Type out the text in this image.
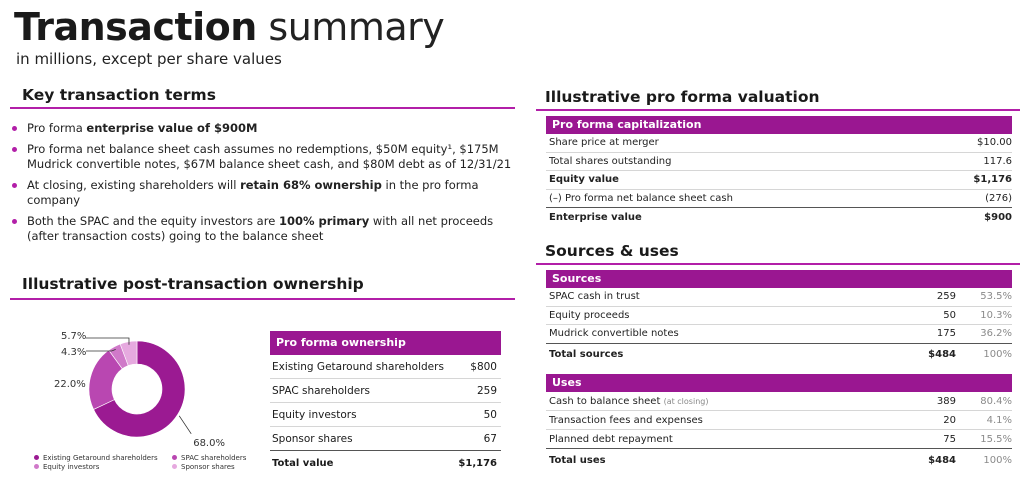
Transaction summary
in millions, except per share values
Key transaction terms
Pro forma enterprise value of $900M
Pro forma net balance sheet cash assumes no redemptions, $50M equity¹, $175M Mudrick convertible notes, $67M balance sheet cash, and $80M debt as of 12/31/21
At closing, existing shareholders will retain 68% ownership in the pro forma company
Both the SPAC and the equity investors are 100% primary with all net proceeds (after transaction costs) going to the balance sheet
Illustrative post-transaction ownership
68.0%
22.0%
4.3%
5.7%
Existing Getaround shareholders	SPAC shareholders
Equity investors	Sponsor shares
Pro forma ownership
Existing Getaround shareholders	$800
SPAC shareholders	259
Equity investors	50
Sponsor shares	67
Total value	$1,176
Illustrative pro forma valuation
Pro forma capitalization
Share price at merger	$10.00
Total shares outstanding	117.6
Equity value	$1,176
(–) Pro forma net balance sheet cash	(276)
Enterprise value	$900
Sources & uses
Sources
SPAC cash in trust	259	53.5%
Equity proceeds	50	10.3%
Mudrick convertible notes	175	36.2%
Total sources	$484	100%
Uses
Cash to balance sheet (at closing)	389	80.4%
Transaction fees and expenses	20	4.1%
Planned debt repayment	75	15.5%
Total uses	$484	100%
